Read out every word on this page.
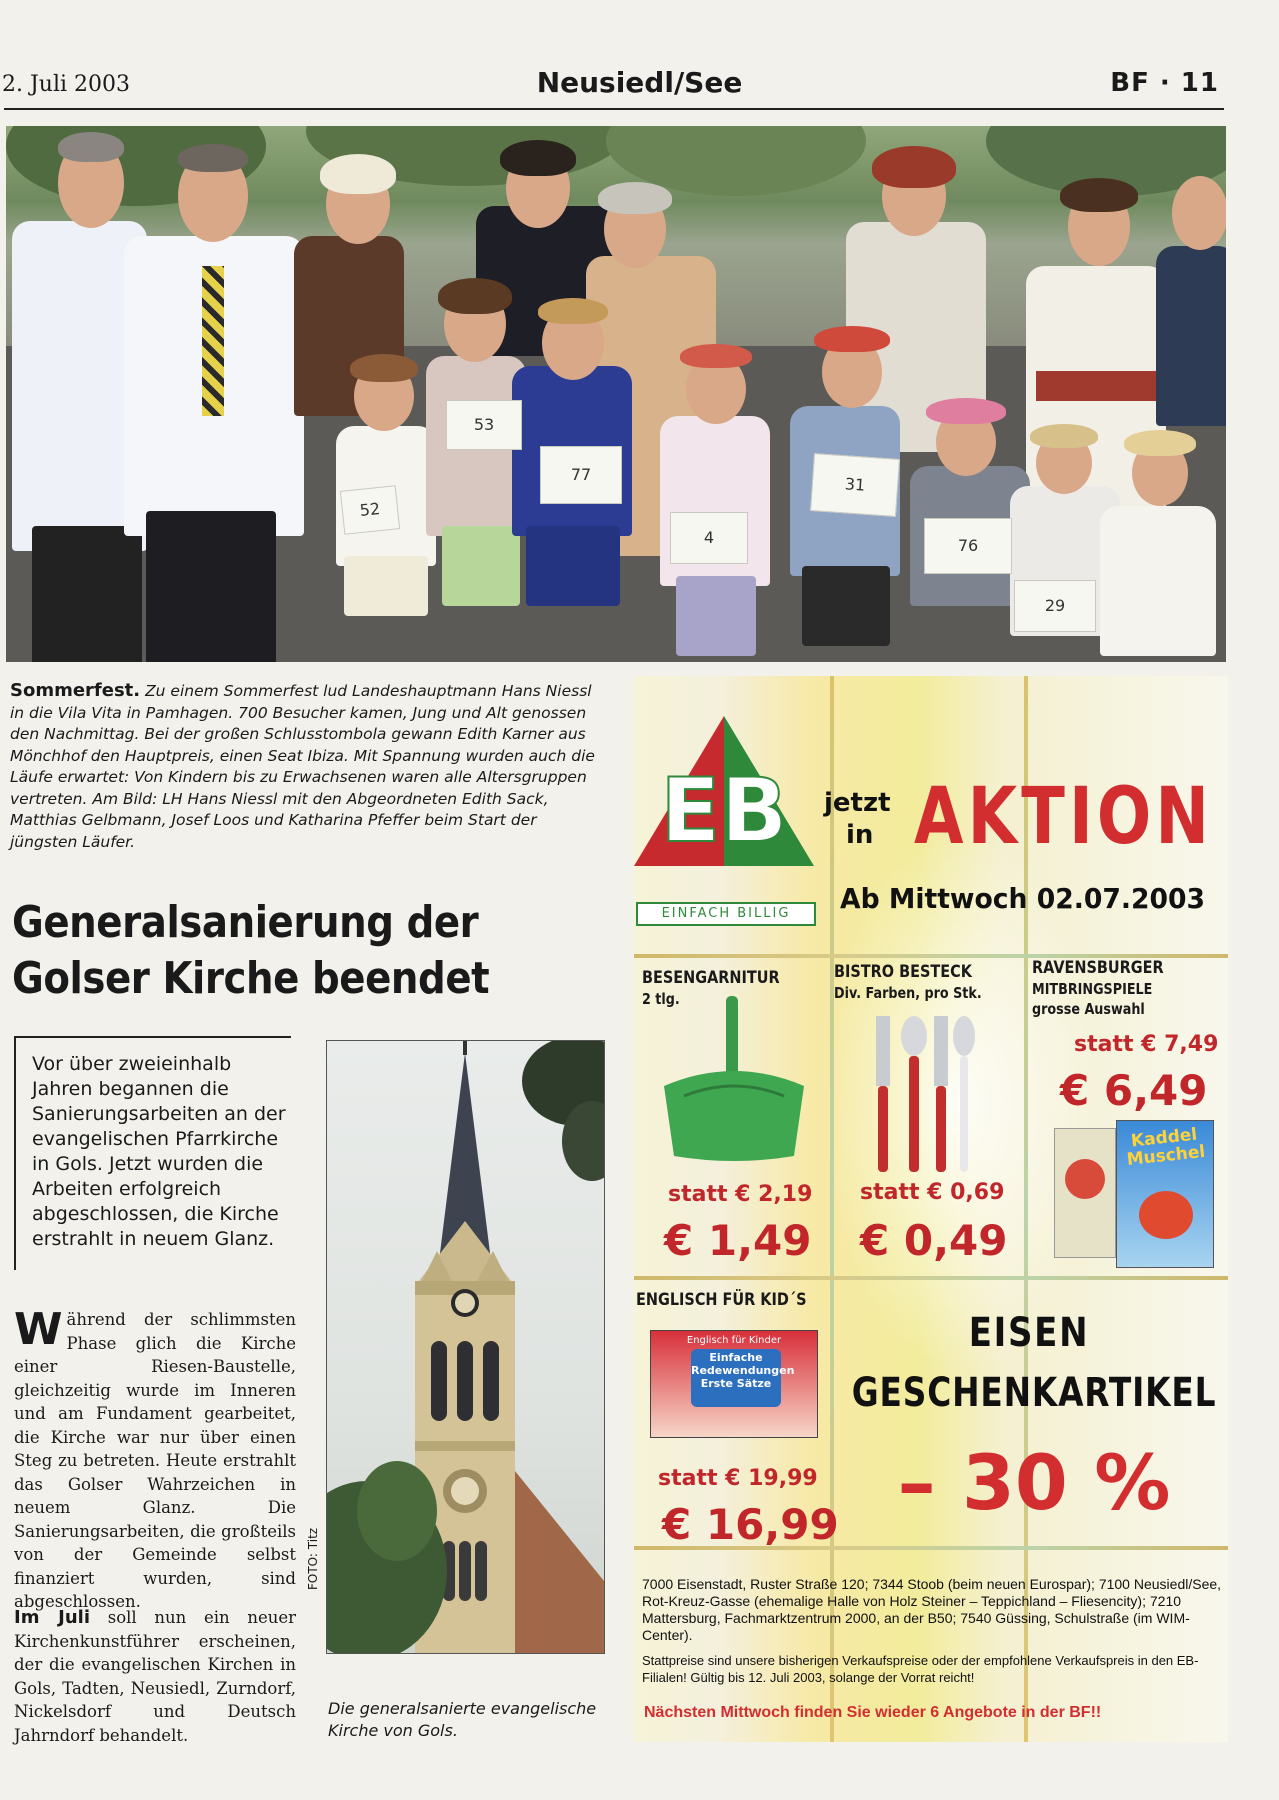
2. Juli 2003	Neusiedl/See	BF · 11
52
53
77
4
31
76
29
Sommerfest. Zu einem Sommerfest lud Landeshauptmann Hans Niessl in die Vila Vita in Pamhagen. 700 Besucher kamen, Jung und Alt genossen den Nachmittag. Bei der großen Schlusstombola gewann Edith Karner aus Mönchhof den Hauptpreis, einen Seat Ibiza. Mit Spannung wurden auch die Läufe erwartet: Von Kindern bis zu Erwachsenen waren alle Altersgruppen vertreten. Am Bild: LH Hans Niessl mit den Abgeordneten Edith Sack, Matthias Gelbmann, Josef Loos und Katharina Pfeffer beim Start der jüngsten Läufer.
Generalsanierung der
Golser Kirche beendet
Vor über zweieinhalb Jahren begannen die Sanierungsarbeiten an der evangelischen Pfarrkirche in Gols. Jetzt wurden die Arbeiten erfolgreich abgeschlossen, die Kirche erstrahlt in neuem Glanz.
Während der schlimmsten Phase glich die Kirche einer Riesen-Baustelle, gleichzeitig wurde im Inneren und am Fundament gearbeitet, die Kirche war nur über einen Steg zu betreten. Heute erstrahlt das Golser Wahrzeichen in neuem Glanz. Die Sanierungsarbeiten, die großteils von der Gemeinde selbst finanziert wurden, sind abgeschlossen.
Im Juli soll nun ein neuer Kirchenkunstführer erscheinen, der die evangelischen Kirchen in Gols, Tadten, Neusiedl, Zurndorf, Nickelsdorf und Deutsch Jahrndorf behandelt.
FOTO: Titz
Die generalsanierte evangelische Kirche von Gols.
EB
EINFACH BILLIG
jetzt
in AKTION
Ab Mittwoch 02.07.2003
BESENGARNITUR
2 tlg.
statt € 2,19
€ 1,49
BISTRO BESTECK
Div. Farben, pro Stk.
statt € 0,69
€ 0,49
RAVENSBURGER
MITBRINGSPIELE
grosse Auswahl
statt € 7,49
€ 6,49
Kaddel Muschel
ENGLISCH FÜR KID´S
Englisch für Kinder
Einfache
Redewendungen
Erste Sätze
statt € 19,99
€ 16,99
EISEN
GESCHENKARTIKEL
– 30 %
7000 Eisenstadt, Ruster Straße 120; 7344 Stoob (beim neuen Eurospar); 7100 Neusiedl/See, Rot-Kreuz-Gasse (ehemalige Halle von Holz Steiner – Teppichland – Fliesencity); 7210 Mattersburg, Fachmarktzentrum 2000, an der B50; 7540 Güssing, Schulstraße (im WIM-Center).
Stattpreise sind unsere bisherigen Verkaufspreise oder der empfohlene Verkaufspreis in den EB-Filialen! Gültig bis 12. Juli 2003, solange der Vorrat reicht!
Nächsten Mittwoch finden Sie wieder 6 Angebote in der BF!!
